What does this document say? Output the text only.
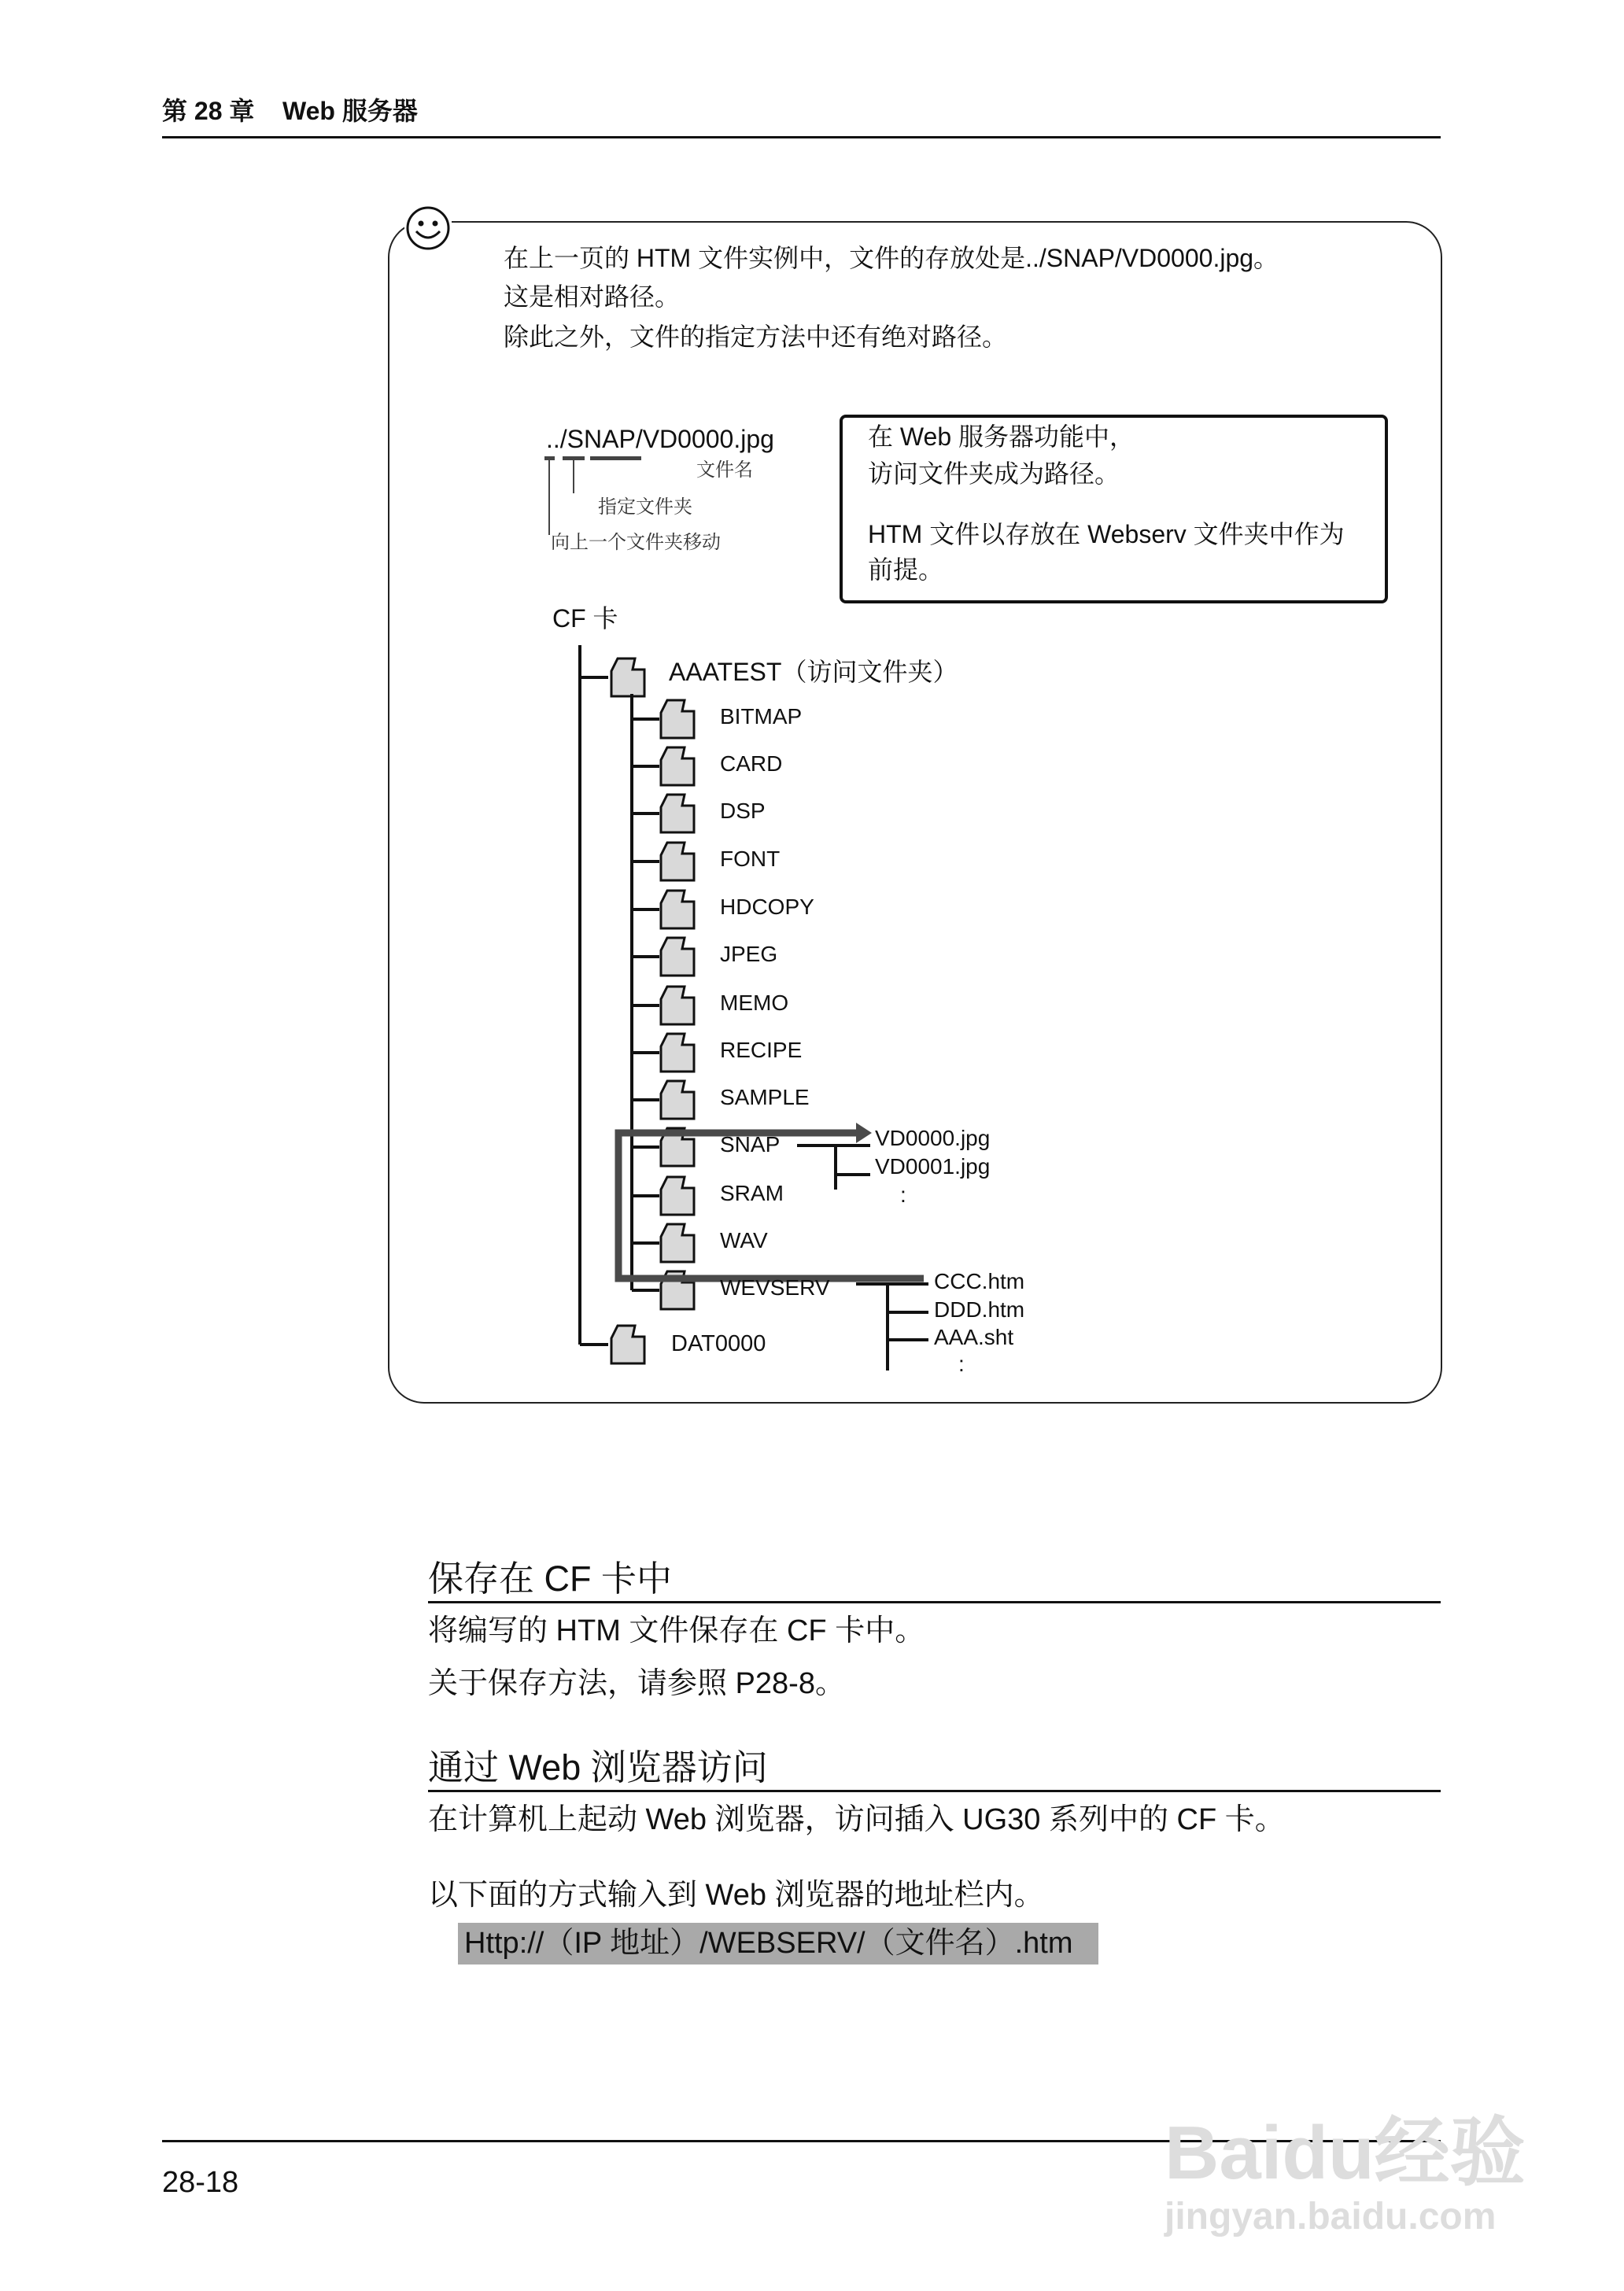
第 28 章 Web 服务器
在上一页的 HTM 文件实例中，文件的存放处是../SNAP/VD0000.jpg。
这是相对路径。
除此之外，文件的指定方法中还有绝对路径。
../SNAP/VD0000.jpg
文件名
指定文件夹
向上一个文件夹移动
在 Web 服务器功能中，
访问文件夹成为路径。
HTM 文件以存放在 Webserv 文件夹中作为
前提。
CF 卡
AAATEST（访问文件夹）
DAT0000
BITMAP
CARD
DSP
FONT
HDCOPY
JPEG
MEMO
RECIPE
SAMPLE
SNAP
SRAM
WAV
WEVSERV
VD0000.jpg
VD0001.jpg
:
CCC.htm
DDD.htm
AAA.sht
:
保存在 CF 卡中
将编写的 HTM 文件保存在 CF 卡中。
关于保存方法，请参照 P28-8。
通过 Web 浏览器访问
在计算机上起动 Web 浏览器，访问插入 UG30 系列中的 CF 卡。
以下面的方式输入到 Web 浏览器的地址栏内。
Http://（IP 地址）/WEBSERV/（文件名）.htm
28-18	Baidu经验
jingyan.baidu.com
